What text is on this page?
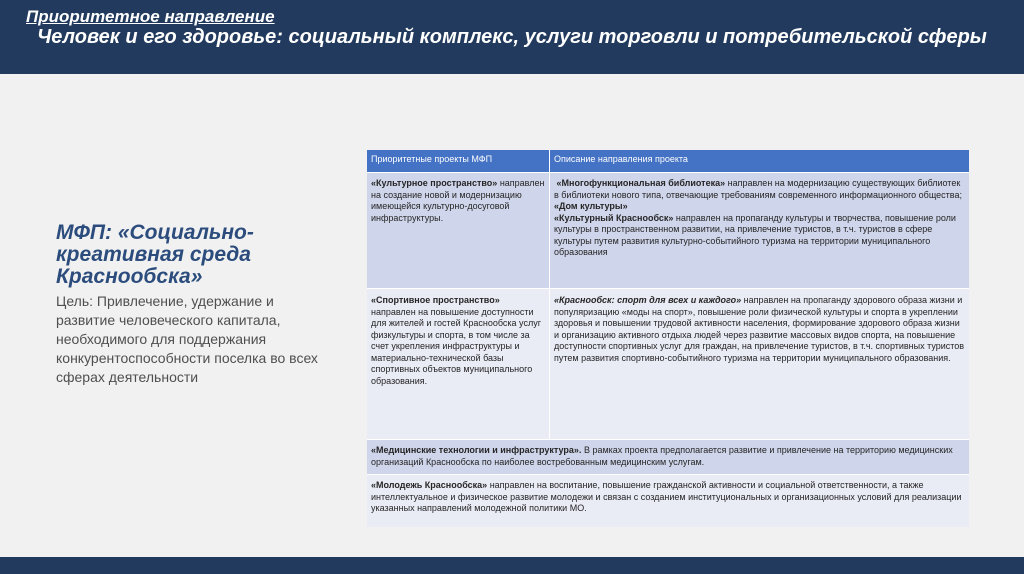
Приоритетное направление
Человек и его здоровье: социальный комплекс, услуги торговли и потребительской сферы
МФП: «Социально-креативная среда Краснообска»
Цель: Привлечение, удержание и развитие человеческого капитала, необходимого для поддержания конкурентоспособности поселка во всех сферах деятельности
Приоритетные проекты МФП	Описание направления проекта
«Культурное пространство» направлен на создание новой и модернизацию имеющейся культурно-досуговой инфраструктуры.
«Многофункциональная библиотека» направлен на модернизацию существующих библиотек в библиотеки нового типа, отвечающие требованиям современного информационного общества;
«Дом культуры»
«Культурный Краснообск» направлен на пропаганду культуры и творчества, повышение роли культуры в пространственном развитии, на привлечение туристов, в т.ч. туристов в сфере культуры путем развития культурно-событийного туризма на территории муниципального образования
«Спортивное пространство» направлен на повышение доступности для жителей и гостей Краснообска услуг физкультуры и спорта, в том числе за счет укрепления инфраструктуры и материально-технической базы спортивных объектов муниципального образования.
«Краснообск: спорт для всех и каждого» направлен на пропаганду здорового образа жизни и популяризацию «моды на спорт», повышение роли физической культуры и спорта в укреплении здоровья и повышении трудовой активности населения, формирование здорового образа жизни и организацию активного отдыха людей через развитие массовых видов спорта, на повышение доступности спортивных услуг для граждан, на привлечение туристов, в т.ч. спортивных туристов путем развития спортивно-событийного туризма на территории муниципального образования.
«Медицинские технологии и инфраструктура». В рамках проекта предполагается развитие и привлечение на территорию медицинских организаций Краснообска по наиболее востребованным медицинским услугам.
«Молодежь Краснообска» направлен на воспитание, повышение гражданской активности и социальной ответственности, а также интеллектуальное и физическое развитие молодежи и связан с созданием институциональных и организационных условий для реализации указанных направлений молодежной политики МО.
